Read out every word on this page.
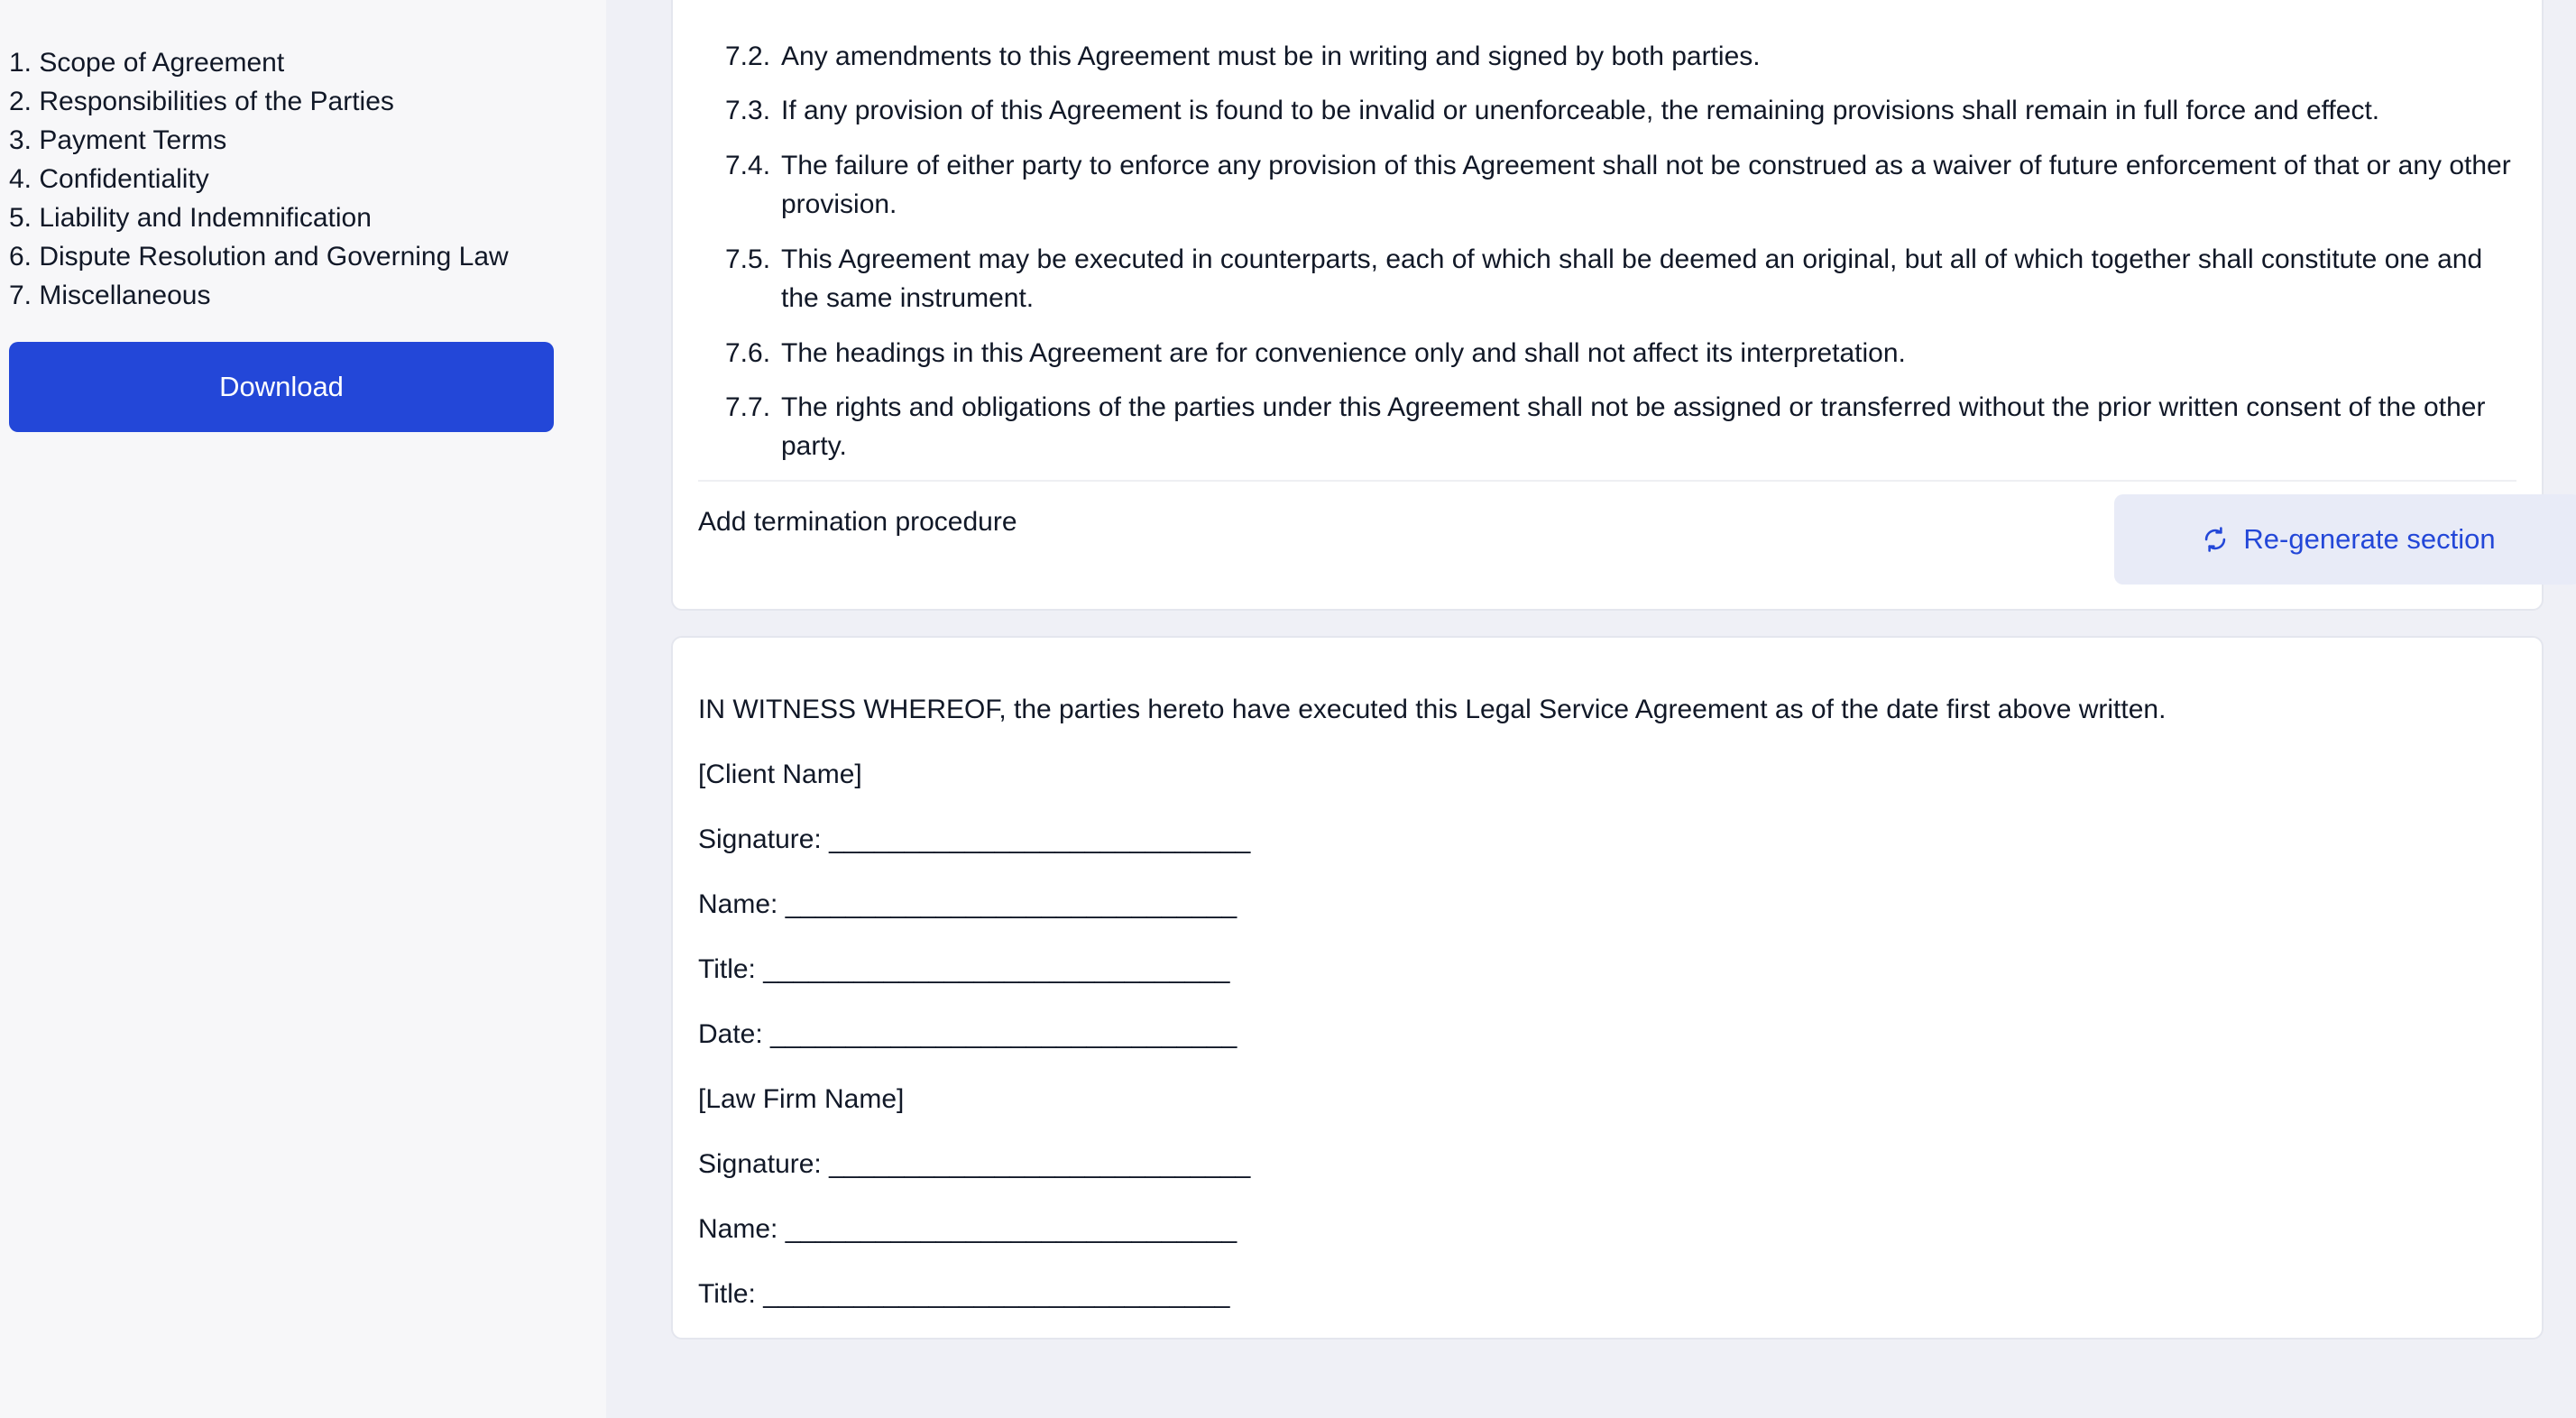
1. Scope of Agreement
2. Responsibilities of the Parties
3. Payment Terms
4. Confidentiality
5. Liability and Indemnification
6. Dispute Resolution and Governing Law
7. Miscellaneous
Download
7.2. Any amendments to this Agreement must be in writing and signed by both parties.
7.3. If any provision of this Agreement is found to be invalid or unenforceable, the remaining provisions shall remain in full force and effect.
7.4. The failure of either party to enforce any provision of this Agreement shall not be construed as a waiver of future enforcement of that or any other provision.
7.5. This Agreement may be executed in counterparts, each of which shall be deemed an original, but all of which together shall constitute one and the same instrument.
7.6. The headings in this Agreement are for convenience only and shall not affect its interpretation.
7.7. The rights and obligations of the parties under this Agreement shall not be assigned or transferred without the prior written consent of the other party.
Add termination procedure
Re-generate section
IN WITNESS WHEREOF, the parties hereto have executed this Legal Service Agreement as of the date first above written.
[Client Name]
Signature: ____________________________
Name: ______________________________
Title: _______________________________
Date: _______________________________
[Law Firm Name]
Signature: ____________________________
Name: ______________________________
Title: _______________________________
